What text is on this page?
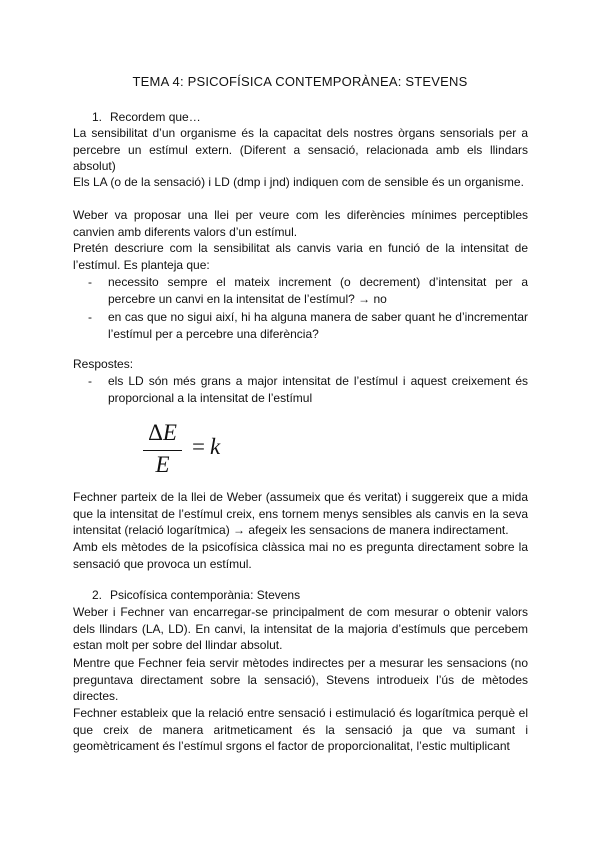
TEMA 4: PSICOFÍSICA CONTEMPORÀNEA: STEVENS
1. Recordem que…
La sensibilitat d’un organisme és la capacitat dels nostres òrgans sensorials per a percebre un estímul extern. (Diferent a sensació, relacionada amb els llindars absolut)
Els LA (o de la sensació) i LD (dmp i jnd) indiquen com de sensible és un organisme.
Weber va proposar una llei per veure com les diferències mínimes perceptibles canvien amb diferents valors d’un estímul.
Pretén descriure com la sensibilitat als canvis varia en funció de la intensitat de l’estímul. Es planteja que:
- necessito sempre el mateix increment (o decrement) d’intensitat per a percebre un canvi en la intensitat de l’estímul? → no
- en cas que no sigui així, hi ha alguna manera de saber quant he d’incrementar l’estímul per a percebre una diferència?
Respostes:
- els LD són més grans a major intensitat de l’estímul i aquest creixement és proporcional a la intensitat de l’estímul
ΔE
E
= k
Fechner parteix de la llei de Weber (assumeix que és veritat) i suggereix que a mida que la intensitat de l’estímul creix, ens tornem menys sensibles als canvis en la seva intensitat (relació logarítmica) → afegeix les sensacions de manera indirectament.
Amb els mètodes de la psicofísica clàssica mai no es pregunta directament sobre la sensació que provoca un estímul.
2. Psicofísica contemporània: Stevens
Weber i Fechner van encarregar-se principalment de com mesurar o obtenir valors dels llindars (LA, LD). En canvi, la intensitat de la majoria d’estímuls que percebem estan molt per sobre del llindar absolut.
Mentre que Fechner feia servir mètodes indirectes per a mesurar les sensacions (no preguntava directament sobre la sensació), Stevens introdueix l’ús de mètodes directes.
Fechner estableix que la relació entre sensació i estimulació és logarítmica perquè el que creix de manera aritmeticament és la sensació ja que va sumant i geomètricament és l’estímul srgons el factor de proporcionalitat, l’estic multiplicant
